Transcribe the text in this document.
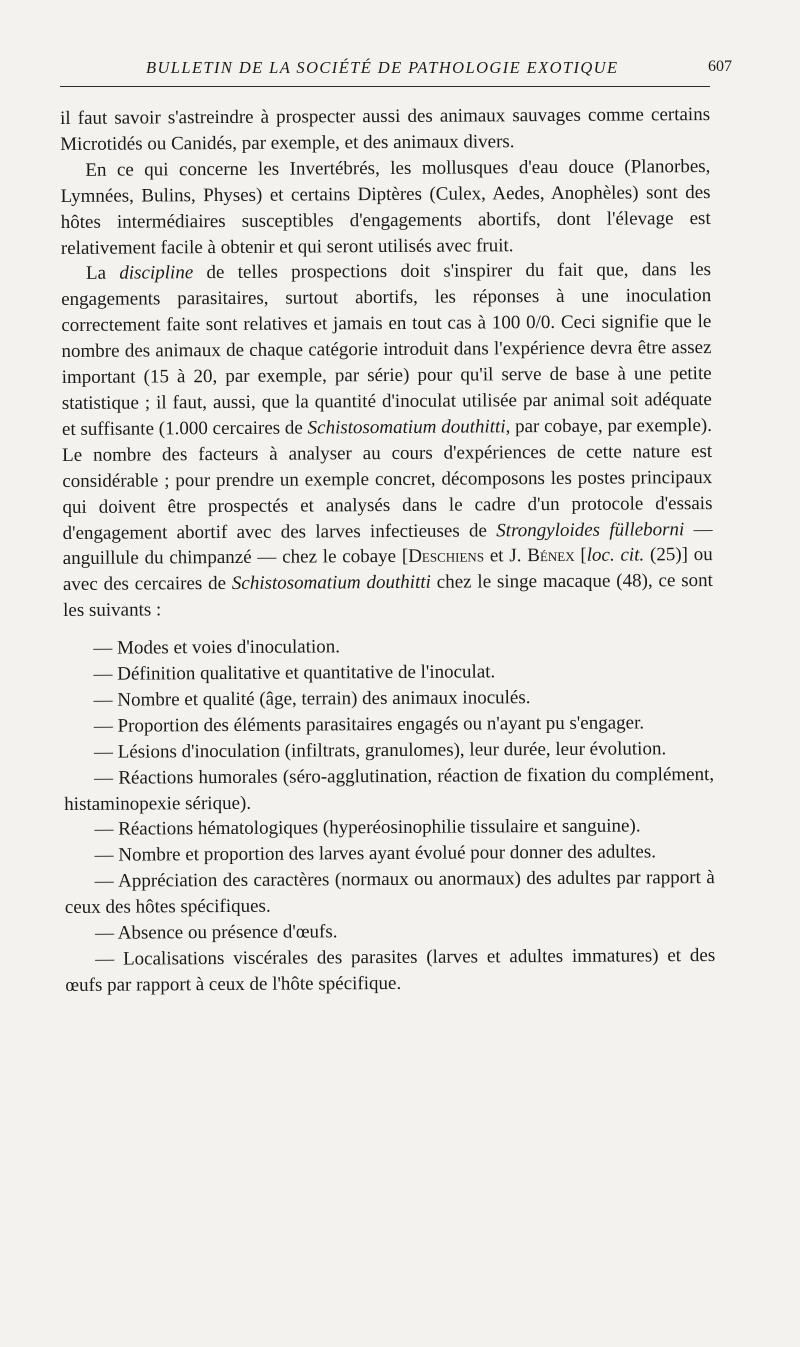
BULLETIN DE LA SOCIÉTÉ DE PATHOLOGIE EXOTIQUE	607

il faut savoir s'astreindre à prospecter aussi des animaux sauvages comme certains Microtidés ou Canidés, par exemple, et des animaux divers.

En ce qui concerne les Invertébrés, les mollusques d'eau douce (Planorbes, Lymnées, Bulins, Physes) et certains Diptères (Culex, Aedes, Anophèles) sont des hôtes intermédiaires susceptibles d'engagements abortifs, dont l'élevage est relativement facile à obtenir et qui seront utilisés avec fruit.

La discipline de telles prospections doit s'inspirer du fait que, dans les engagements parasitaires, surtout abortifs, les réponses à une inoculation correctement faite sont relatives et jamais en tout cas à 100 0/0. Ceci signifie que le nombre des animaux de chaque catégorie introduit dans l'expérience devra être assez important (15 à 20, par exemple, par série) pour qu'il serve de base à une petite statistique ; il faut, aussi, que la quantité d'inoculat utilisée par animal soit adéquate et suffisante (1.000 cercaires de Schistosomatium douthitti, par cobaye, par exemple). Le nombre des facteurs à analyser au cours d'expériences de cette nature est considérable ; pour prendre un exemple concret, décomposons les postes principaux qui doivent être prospectés et analysés dans le cadre d'un protocole d'essais d'engagement abortif avec des larves infectieuses de Strongyloides fülleborni — anguillule du chimpanzé — chez le cobaye [Deschiens et J. Bénex [loc. cit. (25)] ou avec des cercaires de Schistosomatium douthitti chez le singe macaque (48), ce sont les suivants :

— Modes et voies d'inoculation.

— Définition qualitative et quantitative de l'inoculat.

— Nombre et qualité (âge, terrain) des animaux inoculés.

— Proportion des éléments parasitaires engagés ou n'ayant pu s'engager.

— Lésions d'inoculation (infiltrats, granulomes), leur durée, leur évolution.

— Réactions humorales (séro-agglutination, réaction de fixation du complément, histaminopexie sérique).

— Réactions hématologiques (hyperéosinophilie tissulaire et sanguine).

— Nombre et proportion des larves ayant évolué pour donner des adultes.

— Appréciation des caractères (normaux ou anormaux) des adultes par rapport à ceux des hôtes spécifiques.

— Absence ou présence d'œufs.

— Localisations viscérales des parasites (larves et adultes immatures) et des œufs par rapport à ceux de l'hôte spécifique.
